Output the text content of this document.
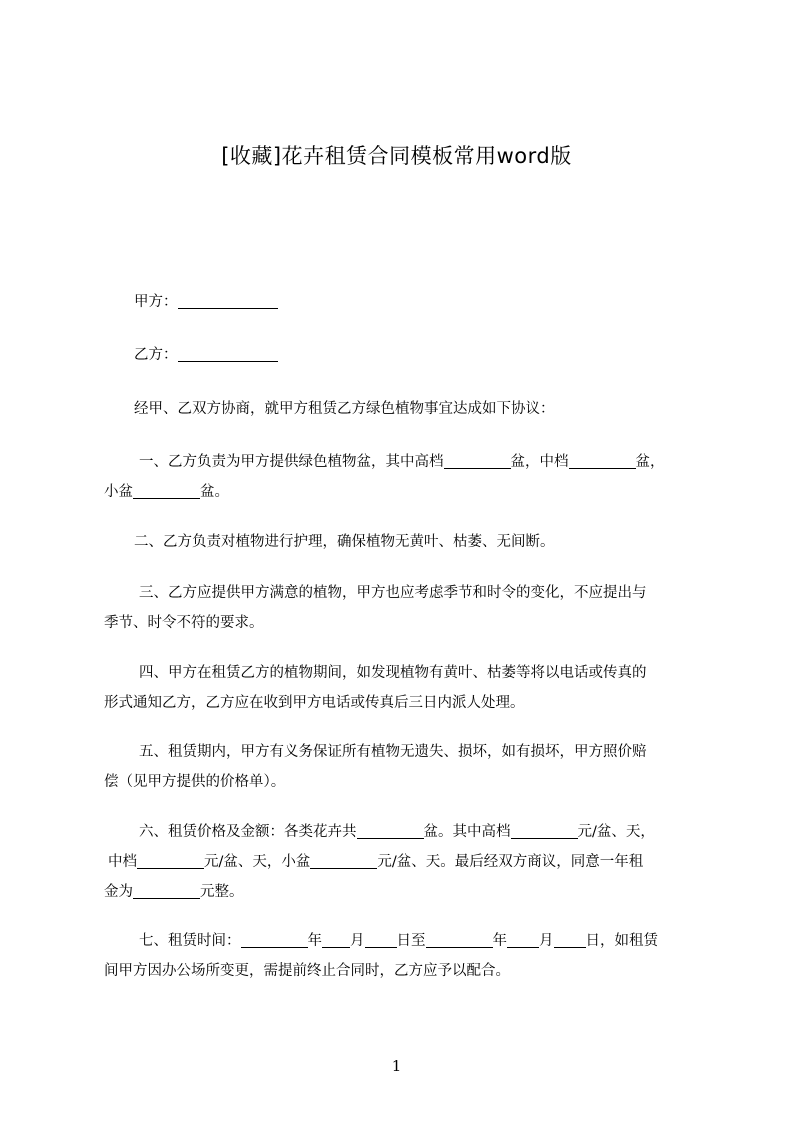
[收藏]花卉租赁合同模板常用word版
甲方：
乙方：
经甲、乙双方协商，就甲方租赁乙方绿色植物事宜达成如下协议：
一、乙方负责为甲方提供绿色植物盆，其中高档	盆，中档	盆，
小盆	盆。
二、乙方负责对植物进行护理，确保植物无黄叶、枯萎、无间断。
三、乙方应提供甲方满意的植物，甲方也应考虑季节和时令的变化，不应提出与
季节、时令不符的要求。
四、甲方在租赁乙方的植物期间，如发现植物有黄叶、枯萎等将以电话或传真的
形式通知乙方，乙方应在收到甲方电话或传真后三日内派人处理。
五、租赁期内，甲方有义务保证所有植物无遗失、损坏，如有损坏，甲方照价赔
偿（见甲方提供的价格单）。
六、租赁价格及金额：各类花卉共	盆。其中高档	元/盆、天，
中档	元/盆、天，小盆	元/盆、天。最后经双方商议，同意一年租
金为	元整。
七、租赁时间：	年 月 日至	年 月 日，如租赁
间甲方因办公场所变更，需提前终止合同时，乙方应予以配合。
1
